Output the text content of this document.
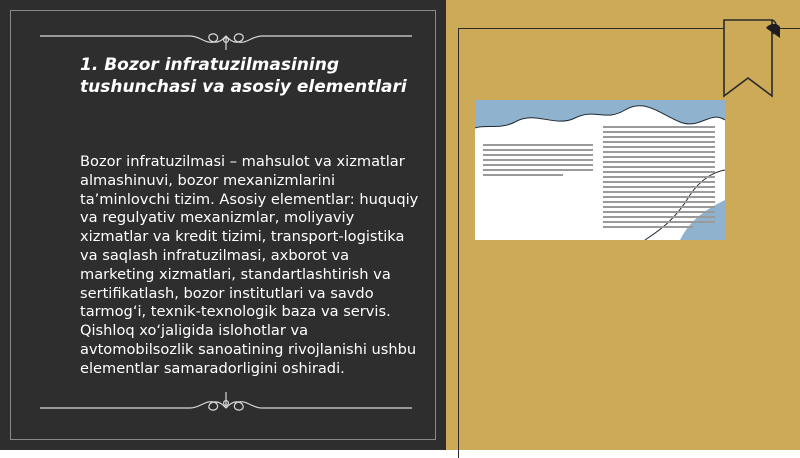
1. Bozor infratuzilmasining tushunchasi va asosiy elementlari

Bozor infratuzilmasi – mahsulot va xizmatlar almashinuvi, bozor mexanizmlarini ta’minlovchi tizim. Asosiy elementlar: huquqiy va regulyativ mexanizmlar, moliyaviy xizmatlar va kredit tizimi, transport-logistika va saqlash infratuzilmasi, axborot va marketing xizmatlari, standartlashtirish va sertifikatlash, bozor institutlari va savdo tarmog‘i, texnik-texnologik baza va servis. Qishloq xo‘jaligida islohotlar va avtomobilsozlik sanoatining rivojlanishi ushbu elementlar samaradorligini oshiradi.
